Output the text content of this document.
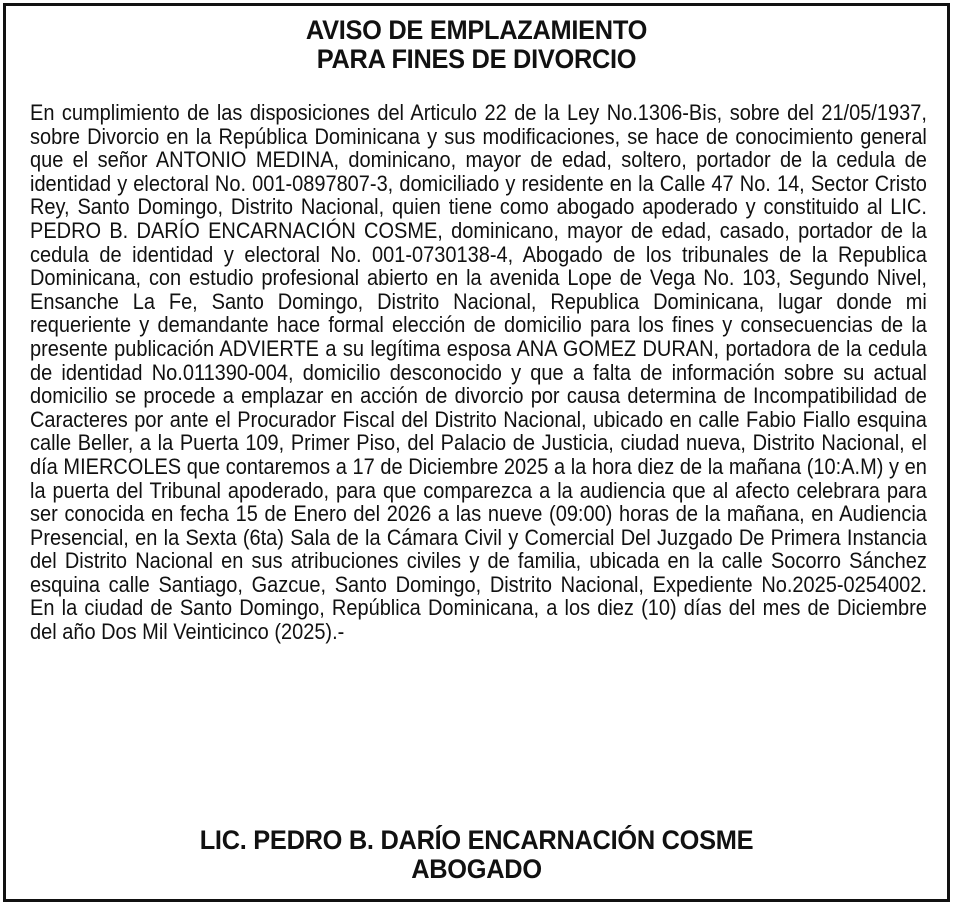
AVISO DE EMPLAZAMIENTO
PARA FINES DE DIVORCIO

En cumplimiento de las disposiciones del Articulo 22 de la Ley No.1306-Bis, sobre del 21/05/1937, sobre Divorcio en la República Dominicana y sus modificaciones, se hace de conocimiento general que el señor ANTONIO MEDINA, dominicano, mayor de edad, soltero, portador de la cedula de identidad y electoral No. 001-0897807-3, domiciliado y residente en la Calle 47 No. 14, Sector Cristo Rey, Santo Domingo, Distrito Nacional, quien tiene como abogado apoderado y constituido al LIC. PEDRO B. DARÍO ENCARNACIÓN COSME, dominicano, mayor de edad, casado, portador de la cedula de identidad y electoral No. 001-0730138-4, Abogado de los tribunales de la Republica Dominicana, con estudio profesional abierto en la avenida Lope de Vega No. 103, Segundo Nivel, Ensanche La Fe, Santo Domingo, Distrito Nacional, Republica Dominicana, lugar donde mi requeriente y demandante hace formal elección de domicilio para los fines y consecuencias de la presente publicación ADVIERTE a su legítima esposa ANA GOMEZ DURAN, portadora de la cedula de identidad No.011390-004, domicilio desconocido y que a falta de información sobre su actual domicilio se procede a emplazar en acción de divorcio por causa determina de Incompatibilidad de Caracteres por ante el Procurador Fiscal del Distrito Nacional, ubicado en calle Fabio Fiallo esquina calle Beller, a la Puerta 109, Primer Piso, del Palacio de Justicia, ciudad nueva, Distrito Nacional, el día MIERCOLES que contaremos a 17 de Diciembre 2025 a la hora diez de la mañana (10:A.M) y en la puerta del Tribunal apoderado, para que comparezca a la audiencia que al afecto celebrara para ser conocida en fecha 15 de Enero del 2026 a las nueve (09:00) horas de la mañana, en Audiencia Presencial, en la Sexta (6ta) Sala de la Cámara Civil y Comercial Del Juzgado De Primera Instancia del Distrito Nacional en sus atribuciones civiles y de familia, ubicada en la calle Socorro Sánchez esquina calle Santiago, Gazcue, Santo Domingo, Distrito Nacional, Expediente No.2025-0254002. En la ciudad de Santo Domingo, República Dominicana, a los diez (10) días del mes de Diciembre del año Dos Mil Veinticinco (2025).-

LIC. PEDRO B. DARÍO ENCARNACIÓN COSME
ABOGADO
